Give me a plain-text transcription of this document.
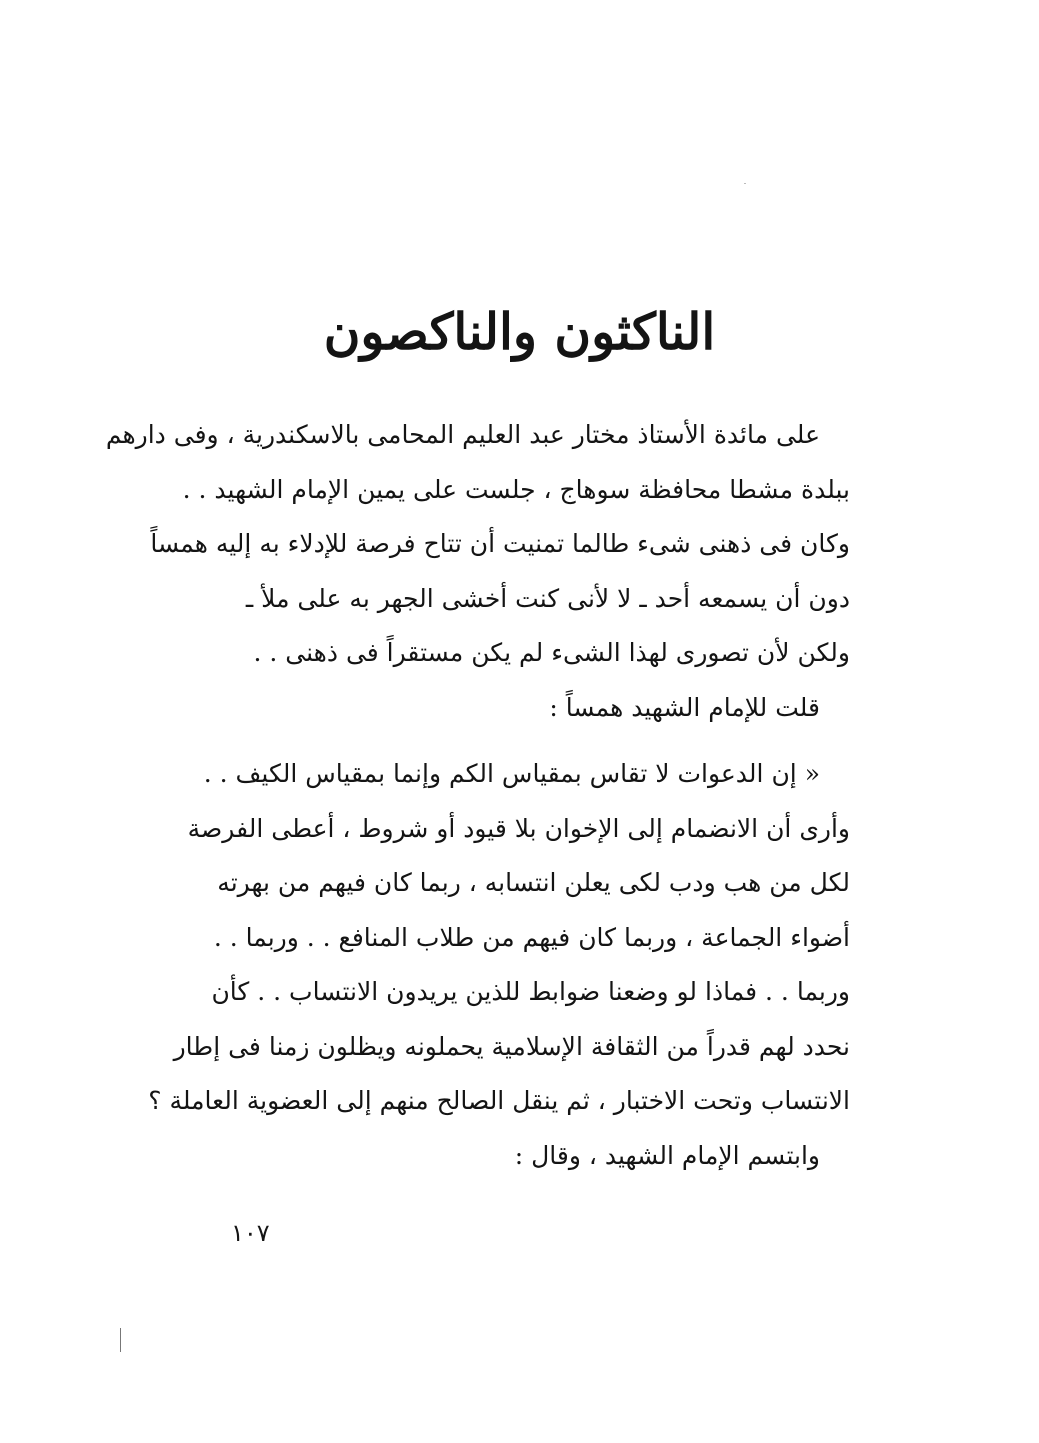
الناكثون والناكصون

على مائدة الأستاذ مختار عبد العليم المحامى بالاسكندرية ، وفى دارهم
ببلدة مشطا محافظة سوهاج ، جلست على يمين الإمام الشهيد . .
وكان فى ذهنى شىء طالما تمنيت أن تتاح فرصة للإدلاء به إليه همساً
دون أن يسمعه أحد ـ لا لأنى كنت أخشى الجهر به على ملأ ـ
ولكن لأن تصورى لهذا الشىء لم يكن مستقراً فى ذهنى . .

قلت للإمام الشهيد همساً :

« إن الدعوات لا تقاس بمقياس الكم وإنما بمقياس الكيف . .
وأرى أن الانضمام إلى الإخوان بلا قيود أو شروط ، أعطى الفرصة
لكل من هب ودب لكى يعلن انتسابه ، ربما كان فيهم من بهرته
أضواء الجماعة ، وربما كان فيهم من طلاب المنافع . . وربما . .
وربما . . فماذا لو وضعنا ضوابط للذين يريدون الانتساب . . كأن
نحدد لهم قدراً من الثقافة الإسلامية يحملونه ويظلون زمنا فى إطار
الانتساب وتحت الاختبار ، ثم ينقل الصالح منهم إلى العضوية العاملة ؟

وابتسم الإمام الشهيد ، وقال :

١٠٧
